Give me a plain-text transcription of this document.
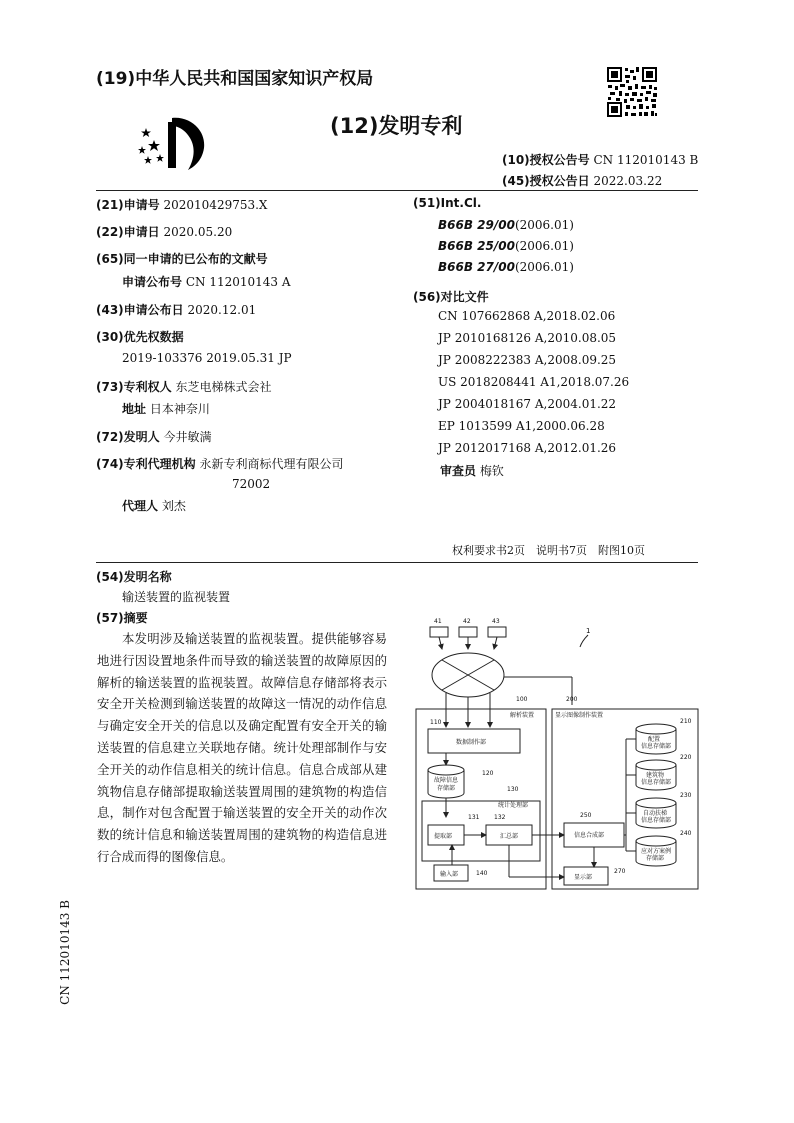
(19)中华人民共和国国家知识产权局
(12)发明专利
(10)授权公告号 CN 112010143 B
(45)授权公告日 2022.03.22
(21)申请号 202010429753.X
(22)申请日 2020.05.20
(65)同一申请的已公布的文献号
申请公布号 CN 112010143 A
(43)申请公布日 2020.12.01
(30)优先权数据
2019-103376 2019.05.31 JP
(73)专利权人 东芝电梯株式会社
地址 日本神奈川
(72)发明人 今井敏满
(74)专利代理机构 永新专利商标代理有限公司
72002
代理人 刘杰
(51)Int.Cl.
B66B 29/00(2006.01)
B66B 25/00(2006.01)
B66B 27/00(2006.01)
(56)对比文件
CN 107662868 A,2018.02.06
JP 2010168126 A,2010.08.05
JP 2008222383 A,2008.09.25
US 2018208441 A1,2018.07.26
JP 2004018167 A,2004.01.22
EP 1013599 A1,2000.06.28
JP 2012017168 A,2012.01.26
审查员 梅钦
权利要求书2页　说明书7页　附图10页
(54)发明名称
输送装置的监视装置
(57)摘要
本发明涉及输送装置的监视装置。提供能够容易地进行因设置地条件而导致的输送装置的故障原因的解析的输送装置的监视装置。故障信息存储部将表示安全开关检测到输送装置的故障这一情况的动作信息与确定安全开关的信息以及确定配置有安全开关的输送装置的信息建立关联地存储。统计处理部制作与安全开关的动作信息相关的统计信息。信息合成部从建筑物信息存储部提取输送装置周围的建筑物的构造信息，制作对包含配置于输送装置的安全开关的动作次数的统计信息和输送装置周围的建筑物的构造信息进行合成而得的图像信息。
CN 112010143 B
1
41	42	43
100
解析装置
200
显示图像制作装置
110
数据制作部
120
故障信息
存储部	130
统计处理部
131
提取部
132
汇总部
140
输入部
250
信息合成部
270
显示部
210
配置
信息存储部
220
建筑物
信息存储部
230
自动扶梯
信息存储部
240
应对方案例
存储部
